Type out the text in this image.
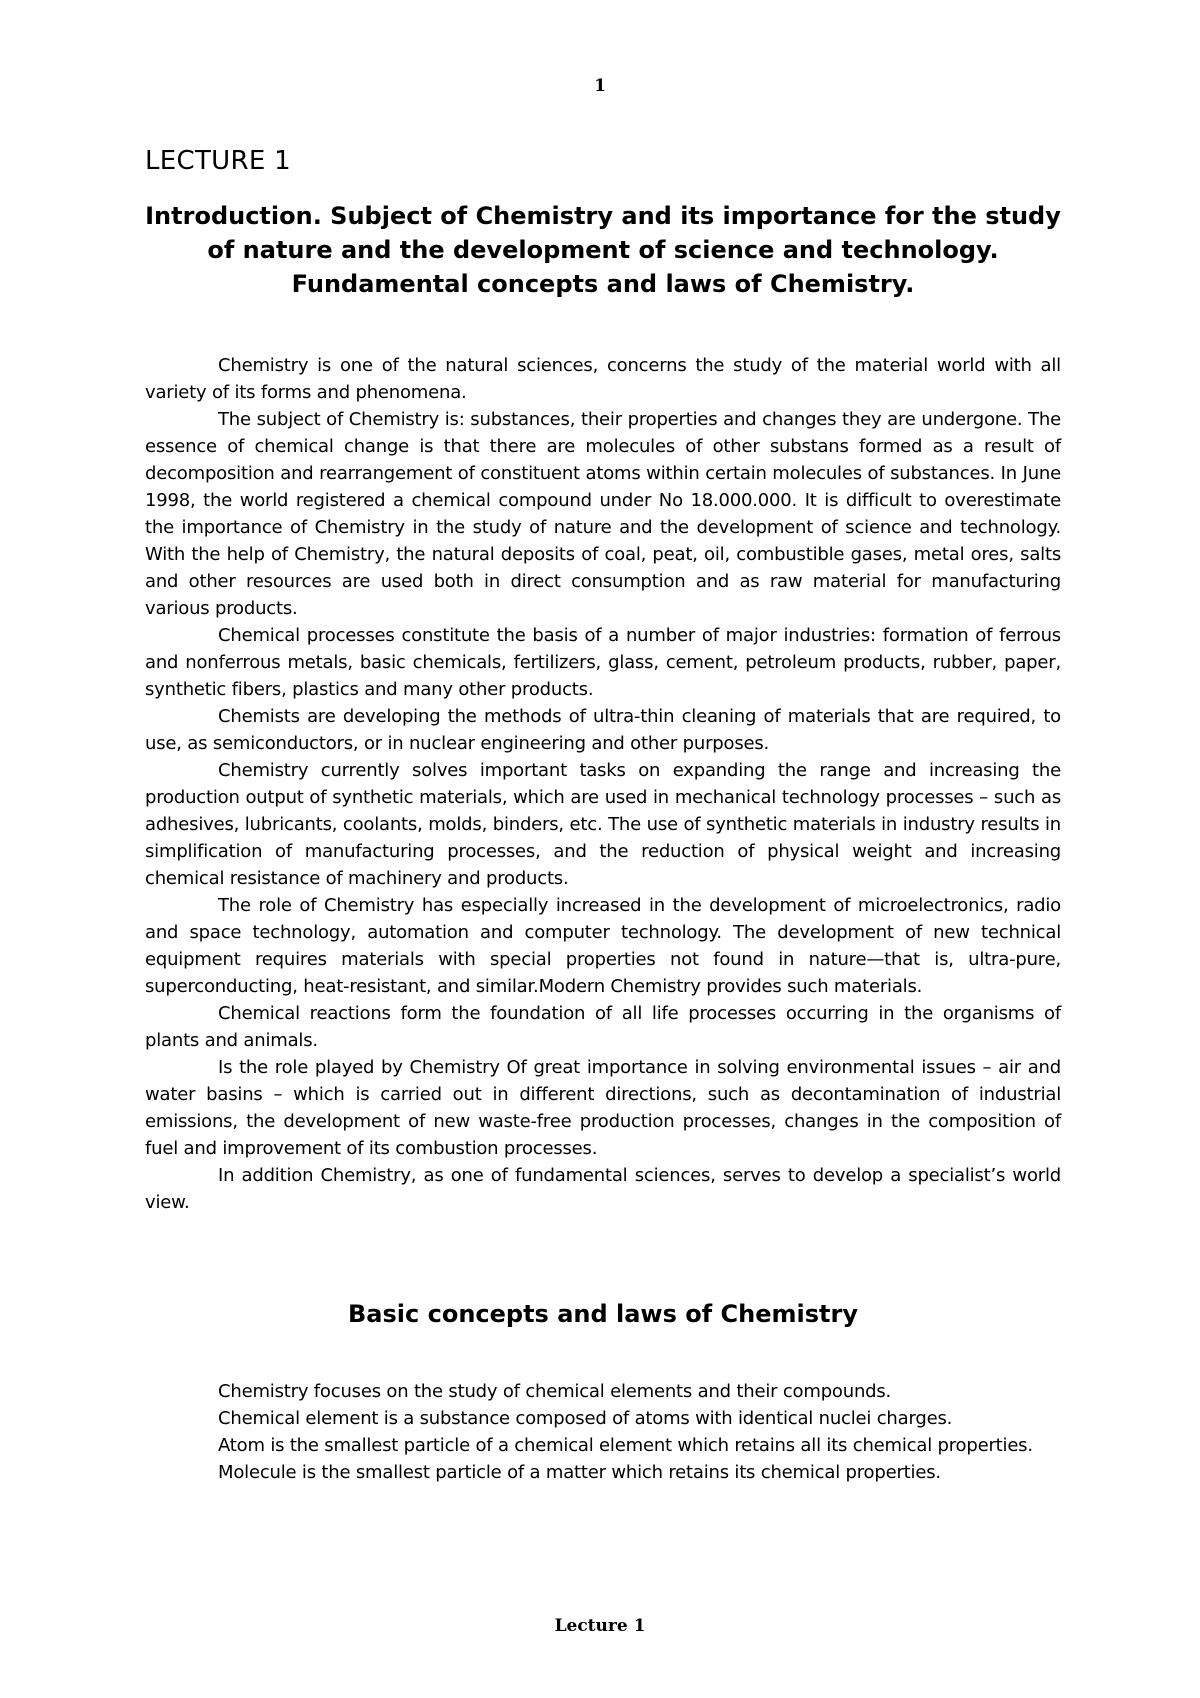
1
LECTURE 1
Introduction. Subject of Chemistry and its importance for the study of nature and the development of science and technology. Fundamental concepts and laws of Chemistry.

Chemistry is one of the natural sciences, concerns the study of the material world with all variety of its forms and phenomena.

The subject of Chemistry is: substances, their properties and changes they are undergone. The essence of chemical change is that there are molecules of other substans formed as a result of decomposition and rearrangement of constituent atoms within certain molecules of substances. In June 1998, the world registered a chemical compound under No 18.000.000. It is difficult to overestimate the importance of Chemistry in the study of nature and the development of science and technology. With the help of Chemistry, the natural deposits of coal, peat, oil, combustible gases, metal ores, salts and other resources are used both in direct consumption and as raw material for manufacturing various products.

Chemical processes constitute the basis of a number of major industries: formation of ferrous and nonferrous metals, basic chemicals, fertilizers, glass, cement, petroleum products, rubber, paper, synthetic fibers, plastics and many other products.

Chemists are developing the methods of ultra-thin cleaning of materials that are required, to use, as semiconductors, or in nuclear engineering and other purposes.

Chemistry currently solves important tasks on expanding the range and increasing the production output of synthetic materials, which are used in mechanical technology processes – such as adhesives, lubricants, coolants, molds, binders, etc. The use of synthetic materials in industry results in simplification of manufacturing processes, and the reduction of physical weight and increasing chemical resistance of machinery and products.

The role of Chemistry has especially increased in the development of microelectronics, radio and space technology, automation and computer technology. The development of new technical equipment requires materials with special properties not found in nature—that is, ultra-pure, superconducting, heat-resistant, and similar.Modern Chemistry provides such materials.

Chemical reactions form the foundation of all life processes occurring in the organisms of plants and animals.

Is the role played by Chemistry Of great importance in solving environmental issues – air and water basins – which is carried out in different directions, such as decontamination of industrial emissions, the development of new waste-free production processes, changes in the composition of fuel and improvement of its combustion processes.

In addition Chemistry, as one of fundamental sciences, serves to develop a specialist’s world view.

Basic concepts and laws of Chemistry

Chemistry focuses on the study of chemical elements and their compounds.

Chemical element is a substance composed of atoms with identical nuclei charges.

Atom is the smallest particle of a chemical element which retains all its chemical properties.

Molecule is the smallest particle of a matter which retains its chemical properties.

Lecture 1
